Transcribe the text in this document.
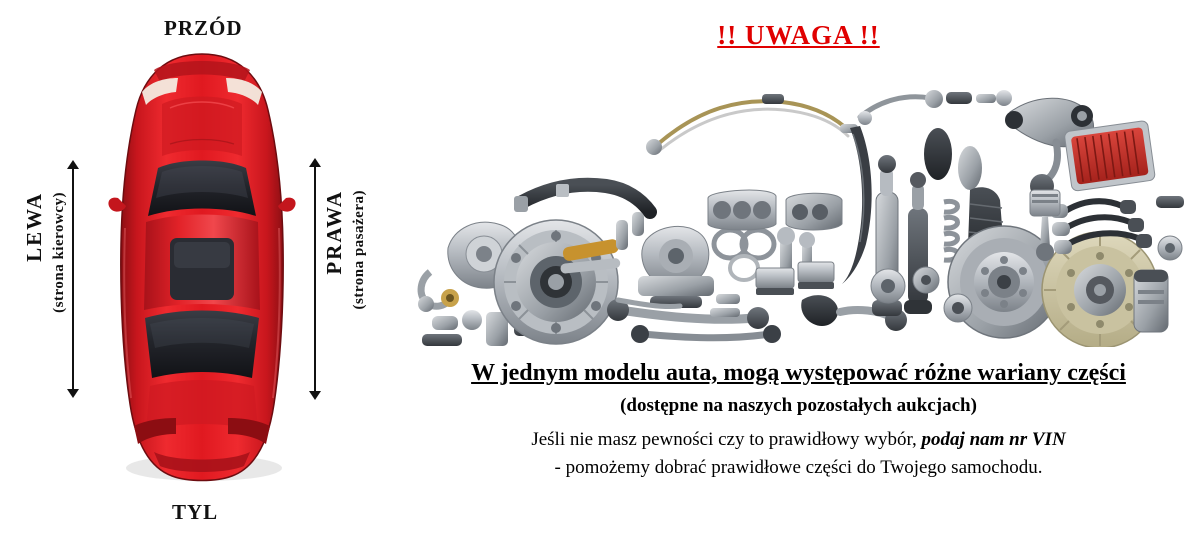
PRZÓD
TYL
LEWA (strona kierowcy)	PRAWA (strona pasażera)
!! UWAGA !!
W jednym modelu auta, mogą występować różne wariany części
(dostępne na naszych pozostałych aukcjach)
Jeśli nie masz pewności czy to prawidłowy wybór, podaj nam nr VIN
- pomożemy dobrać prawidłowe części do Twojego samochodu.
